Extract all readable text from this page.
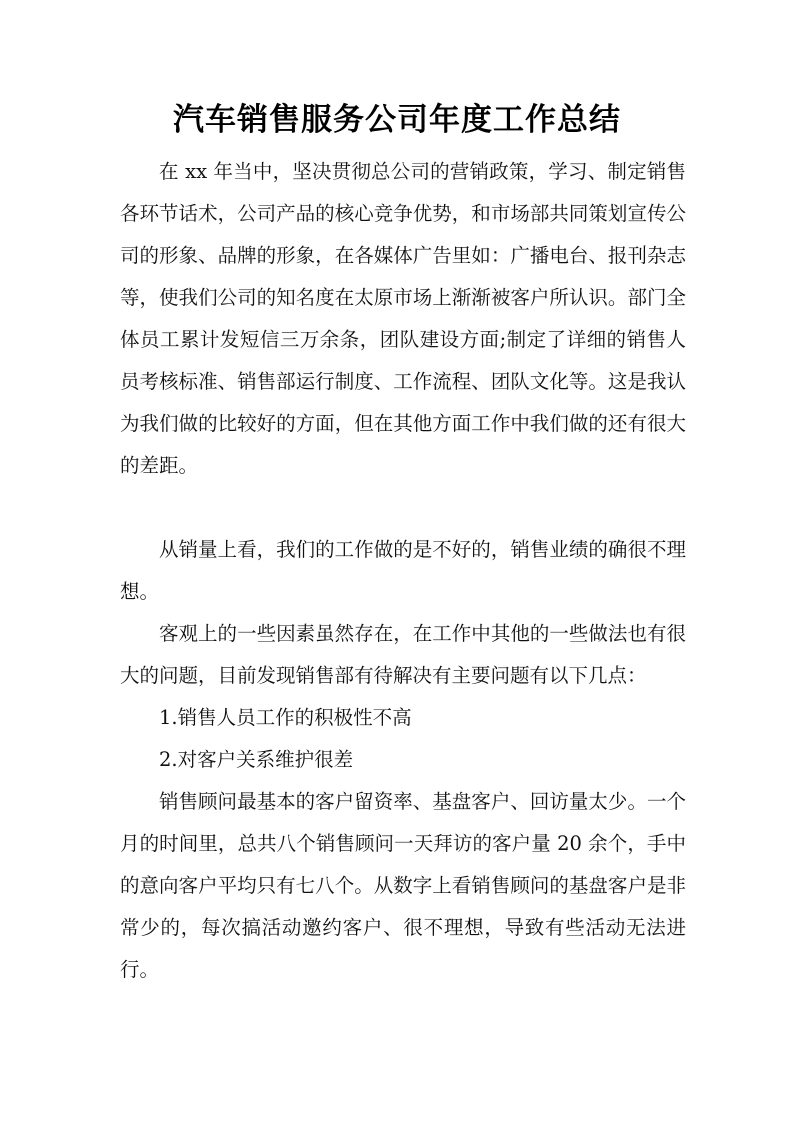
汽车销售服务公司年度工作总结

在 xx 年当中，坚决贯彻总公司的营销政策，学习、制定销售各环节话术，公司产品的核心竞争优势，和市场部共同策划宣传公司的形象、品牌的形象，在各媒体广告里如：广播电台、报刊杂志等，使我们公司的知名度在太原市场上渐渐被客户所认识。部门全体员工累计发短信三万余条，团队建设方面;制定了详细的销售人员考核标准、销售部运行制度、工作流程、团队文化等。这是我认为我们做的比较好的方面，但在其他方面工作中我们做的还有很大的差距。

从销量上看，我们的工作做的是不好的，销售业绩的确很不理想。

客观上的一些因素虽然存在，在工作中其他的一些做法也有很大的问题，目前发现销售部有待解决有主要问题有以下几点：

1.销售人员工作的积极性不高

2.对客户关系维护很差

销售顾问最基本的客户留资率、基盘客户、回访量太少。一个月的时间里，总共八个销售顾问一天拜访的客户量 20 余个，手中的意向客户平均只有七八个。从数字上看销售顾问的基盘客户是非常少的，每次搞活动邀约客户、很不理想，导致有些活动无法进行。
